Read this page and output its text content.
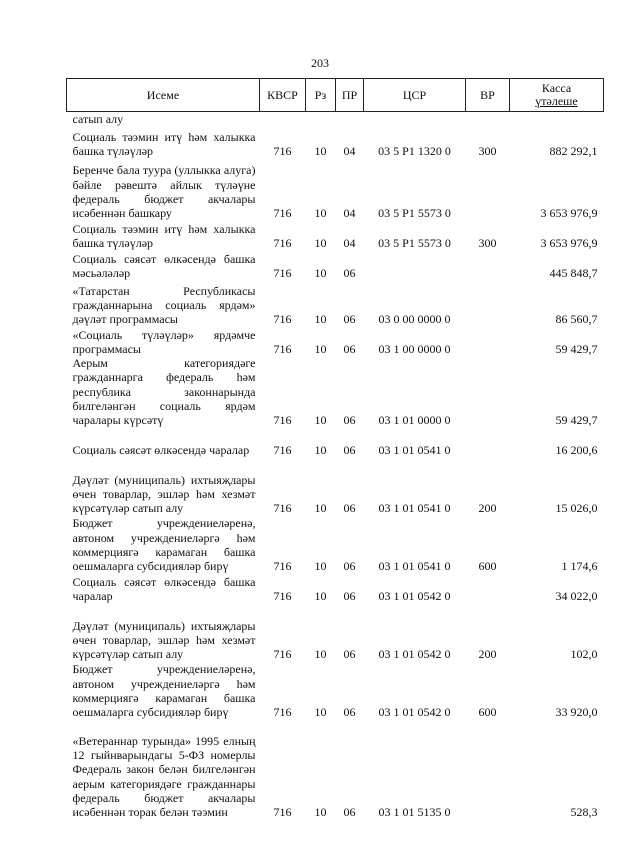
203
Исеме	КВСР	Рз	ПР	ЦСР	ВР	Касса
үтәлеше

сатып алу						
Социаль тәэмин итү һәм халыкка башка түләүләр	716	10	04	03 5 P1 1320 0	300	882 292,1
Беренче бала туура (уллыкка алуга) бәйле рәвештә айлык түләүне федераль бюджет акчалары исәбеннән башкару	716	10	04	03 5 P1 5573 0		3 653 976,9
Социаль тәэмин итү һәм халыкка башка түләүләр	716	10	04	03 5 P1 5573 0	300	3 653 976,9
Социаль сәясәт өлкәсендә башка мәсьәләләр	716	10	06			445 848,7
«Татарстан Республикасы гражданнарына социаль ярдәм» дәүләт программасы	716	10	06	03 0 00 0000 0		86 560,7
«Социаль түләүләр» ярдәмче программасы	716	10	06	03 1 00 0000 0		59 429,7
Аерым категориядәге гражданнарга федераль һәм республика законнарында билгеләнгән социаль ярдәм чаралары күрсәтү	716	10	06	03 1 01 0000 0		59 429,7
Социаль сәясәт өлкәсендә чаралар	716	10	06	03 1 01 0541 0		16 200,6
Дәүләт (муниципаль) ихтыяҗлары өчен товарлар, эшләр һәм хезмәт күрсәтүләр сатып алу	716	10	06	03 1 01 0541 0	200	15 026,0
Бюджет учреждениеләренә, автоном учреждениеләргә һәм коммерциягә карамаган башка оешмаларга субсидияләр бирү	716	10	06	03 1 01 0541 0	600	1 174,6
Социаль сәясәт өлкәсендә башка чаралар	716	10	06	03 1 01 0542 0		34 022,0
Дәүләт (муниципаль) ихтыяҗлары өчен товарлар, эшләр һәм хезмәт күрсәтүләр сатып алу	716	10	06	03 1 01 0542 0	200	102,0
Бюджет учреждениеләренә, автоном учреждениеләргә һәм коммерциягә карамаган башка оешмаларга субсидияләр бирү	716	10	06	03 1 01 0542 0	600	33 920,0
«Ветераннар турында» 1995 елның 12 гыйнварындагы 5-ФЗ номерлы Федераль закон белән билгеләнгән аерым категориядәге гражданнары федераль бюджет акчалары исәбеннән торак белән тәэмин	716	10	06	03 1 01 5135 0		528,3
